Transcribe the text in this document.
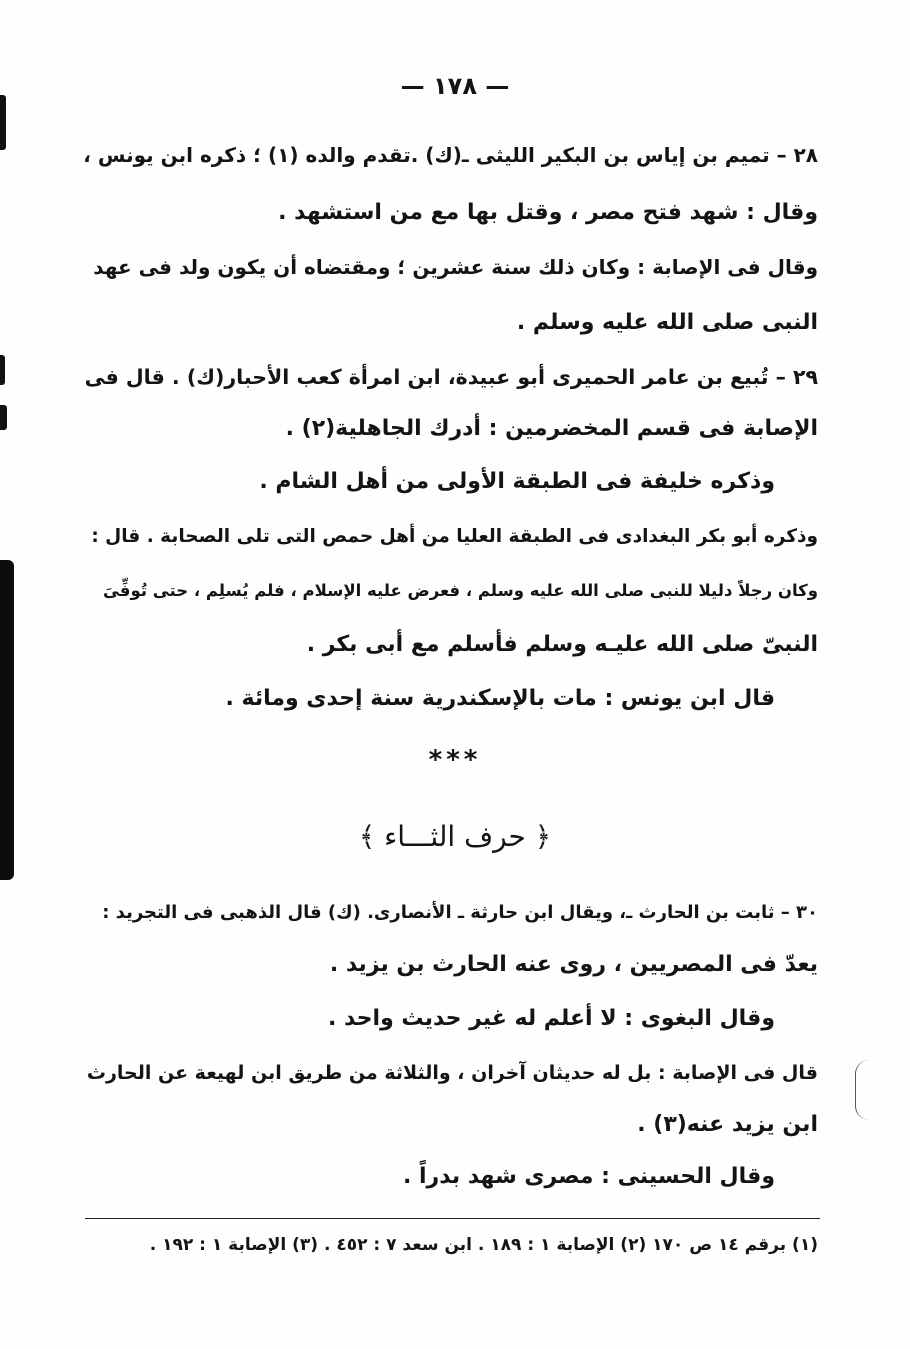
— ١٧٨ —
٢٨ – تميم بن إياس بن البكير الليثى ـ(ك) .تقدم والده (١) ؛ ذكره ابن يونس ،
وقال : شهد فتح مصر ، وقتل بها مع من استشهد .
وقال فى الإصابة : وكان ذلك سنة عشرين ؛ ومقتضاه أن يكون ولد فى عهد
النبى صلى الله عليه وسلم .
٢٩ – تُبيع بن عامر الحميرى أبو عبيدة، ابن امرأة كعب الأحبار(ك) . قال فى
الإصابة فى قسم المخضرمين : أدرك الجاهلية(٢) .
وذكره خليفة فى الطبقة الأولى من أهل الشام .
وذكره أبو بكر البغدادى فى الطبقة العليا من أهل حمص التى تلى الصحابة . قال :
وكان رجلاً دليلا للنبى صلى الله عليه وسلم ، فعرض عليه الإسلام ، فلم يُسلِم ، حتى تُوفِّىَ
النبىّ صلى الله عليـه وسلم فأسلم مع أبى بكر .
قال ابن يونس : مات بالإسكندرية سنة إحدى ومائة .
***
﴿ حرف الثـــاء ﴾
٣٠ – ثابت بن الحارث ـ، ويقال ابن حارثة ـ الأنصارى. (ك) قال الذهبى فى التجريد :
يعدّ فى المصريين ، روى عنه الحارث بن يزيد .
وقال البغوى : لا أعلم له غير حديث واحد .
قال فى الإصابة : بل له حديثان آخران ، والثلاثة من طريق ابن لهيعة عن الحارث
ابن يزيد عنه(٣) .
وقال الحسينى : مصرى شهد بدراً .
(١) برقم ١٤ ص ١٧٠ (٢) الإصابة ١ : ١٨٩ . ابن سعد ٧ : ٤٥٢ . (٣) الإصابة ١ : ١٩٢ .
